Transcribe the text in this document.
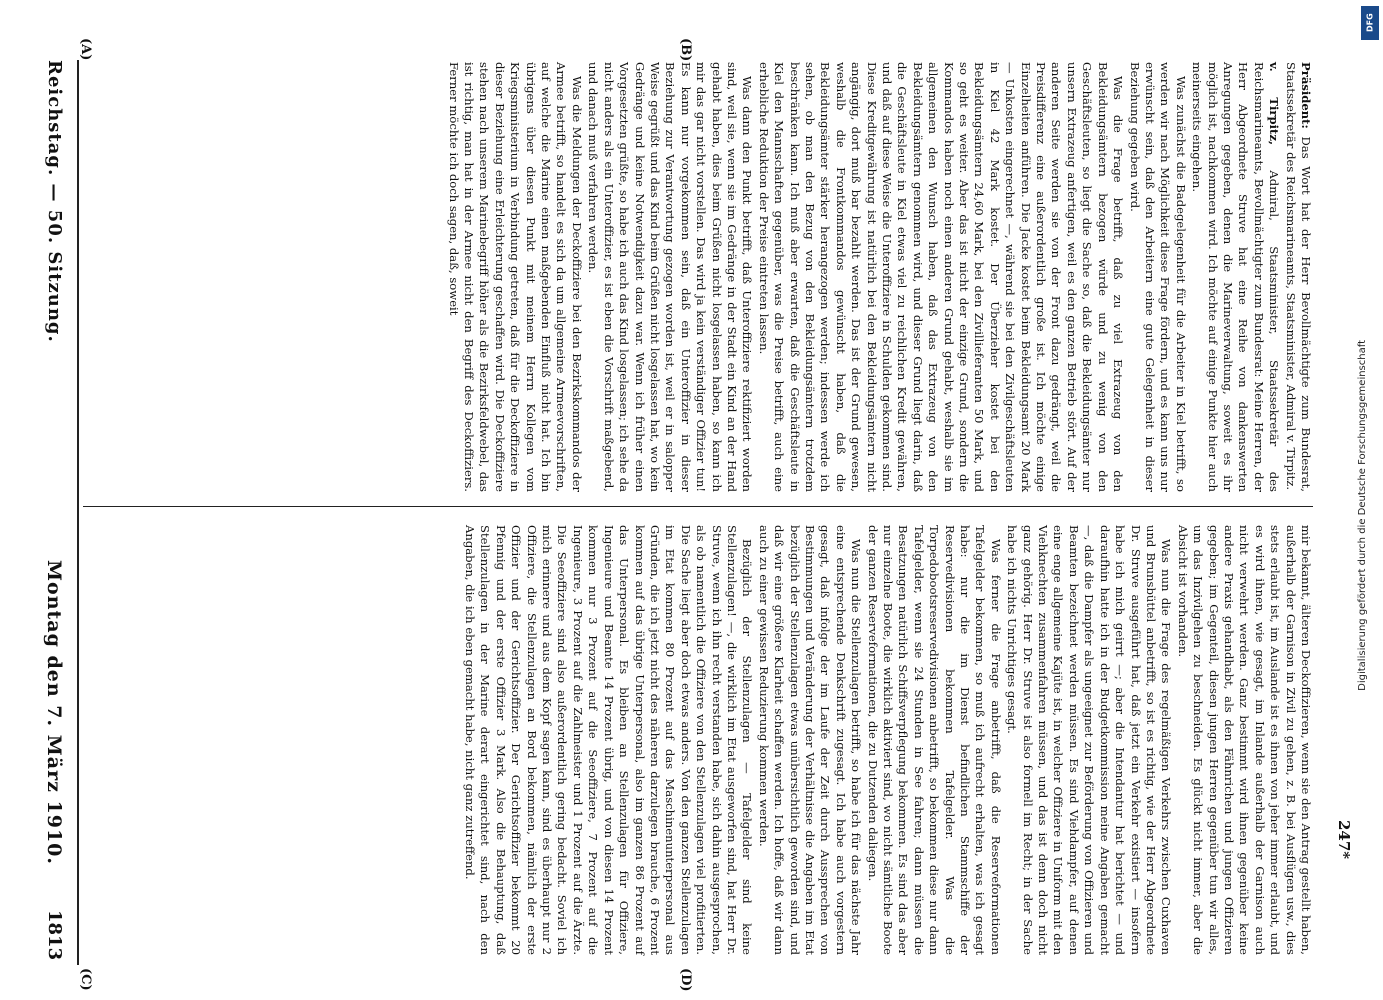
Reichstag. — 50. Sitzung.
Montag den 7. März 1910.
1813
(A)	(B)
(C)	(D)

Präsident: Das Wort hat der Herr Bevollmächtigte zum Bundesrat, Staatssekretär des Reichsmarineamts, Staatsminister, Admiral v. Tirpitz.

v. Tirpitz, Admiral, Staatsminister, Staatssekretär des Reichsmarineamts, Bevollmächtigter zum Bundesrat: Meine Herren, der Herr Abgeordnete Struve hat eine Reihe von dankenswerten Anregungen gegeben, denen die Marineverwaltung, soweit es ihr möglich ist, nachkommen wird. Ich möchte auf einige Punkte hier auch meinerseits eingehen.

Was zunächst die Badegelegenheit für die Arbeiter in Kiel betrifft, so werden wir nach Möglichkeit diese Frage fördern, und es kann uns nur erwünscht sein, daß den Arbeitern eine gute Gelegenheit in dieser Beziehung gegeben wird.

Was die Frage betrifft, daß zu viel Extrazeug von den Bekleidungsämtern bezogen würde und zu wenig von den Geschäftsleuten, so liegt die Sache so, daß die Bekleidungsämter nur unsern Extrazeug anfertigen, weil es den ganzen Betrieb stört. Auf der anderen Seite werden sie von der Front dazu gedrängt, weil die Preisdifferenz eine außerordentlich große ist. Ich möchte einige Einzelheiten anführen. Die Jacke kostet beim Bekleidungsamt 20 Mark — Unkosten eingerechnet —, während sie bei den Zivilgeschäftsleuten in Kiel 42 Mark kostet. Der Überzieher kostet bei den Bekleidungsämtern 24,60 Mark, bei den Zivillieferanten 50 Mark, und so geht es weiter. Aber das ist nicht der einzige Grund, sondern die Kommandos haben noch einen anderen Grund gehabt, weshalb sie im allgemeinen den Wunsch haben, daß das Extrazeug von den Bekleidungsämtern genommen wird, und dieser Grund liegt darin, daß die Geschäftsleute in Kiel etwas viel zu reichlichen Kredit gewähren, und daß auf diese Weise die Unteroffiziere in Schulden gekommen sind. Diese Kreditgewährung ist natürlich bei den Bekleidungsämtern nicht angängig, dort muß bar bezahlt werden. Das ist der Grund gewesen, weshalb die Frontkommandos gewünscht haben, daß die Bekleidungsämter stärker herangezogen werden; indessen werde ich sehen, ob man den Bezug von den Bekleidungsämtern trotzdem beschränken kann. Ich muß aber erwarten, daß die Geschäftsleute in Kiel den Mannschaften gegenüber, was die Preise betrifft, auch eine erhebliche Reduktion der Preise eintreten lassen.

Was dann den Punkt betrifft, daß Unteroffiziere rektifiziert worden sind, weil sie, wenn sie im Gedränge in der Stadt ein Kind an der Hand gehabt haben, dies beim Grüßen nicht losgelassen haben, so kann ich mir das gar nicht vorstellen. Das wird ja kein verständiger Offizier tun! Es kann nur vorgekommen sein, daß ein Unteroffizier in dieser Beziehung zur Verantwortung gezogen worden ist, weil er in salopper Weise gegrüßt und das Kind beim Grüßen nicht losgelassen hat, wo kein Gedränge und keine Notwendigkeit dazu war. Wenn ich früher einen Vorgesetzten grüßte, so habe ich auch das Kind losgelassen; ich sehe da nicht anders als ein Unteroffizier, es ist eben die Vorschrift maßgebend, und danach muß verfahren werden.

Was die Meldungen der Deckoffiziere bei den Bezirkskommandos der Armee betrifft, so handelt es sich da um allgemeine Armeevorschriften, auf welche die Marine einen maßgebenden Einfluß nicht hat. Ich bin übrigens über diesen Punkt mit meinem Herrn Kollegen vom Kriegsministerium in Verbindung getreten, daß für die Deckoffiziere in dieser Beziehung eine Erleichterung geschaffen wird. Die Deckoffiziere stehen nach unserem Marinebegriff höher als die Bezirksfeldwebel, das ist richtig, man hat in der Armee nicht den Begriff des Deckoffiziers. Ferner möchte ich doch sagen, daß, soweit

mir bekannt, älteren Deckoffizieren, wenn sie den Antrag gestellt haben, außerhalb der Garnison in Zivil zu gehen, z. B. bei Ausflügen usw., dies stets erlaubt ist, im Auslande ist es ihnen von jeher immer erlaubt, und es wird ihnen, wie gesagt, im Inlande außerhalb der Garnison auch nicht verwehrt werden. Ganz bestimmt wird ihnen gegenüber keine andere Praxis gehandhabt, als den Fähnrichen und jungen Offizieren gegeben; im Gegenteil, diesen jungen Herren gegenüber tun wir alles, um das Inzivilgehen zu beschneiden. Es glückt nicht immer, aber die Absicht ist vorhanden.

Was nun die Frage des regelmäßigen Verkehrs zwischen Cuxhaven und Brunsbüttel anbetrifft, so ist es richtig, wie der Herr Abgeordnete Dr. Struve ausgeführt hat, daß jetzt ein Verkehr existiert — insofern habe ich mich geirrt —; aber die Intendantur hat berichtet — und daraufhin hatte ich in der Budgetkommission meine Angaben gemacht —, daß die Dampfer als ungeeignet zur Beförderung von Offizieren und Beamten bezeichnet werden müssen. Es sind Viehdampfer, auf denen eine enge allgemeine Kajüte ist, in welcher Offiziere in Uniform mit den Viehknechten zusammenfahren müssen, und das ist denn doch nicht ganz gehörig. Herr Dr. Struve ist also formell im Recht; in der Sache habe ich nichts Unrichtiges gesagt.

Was ferner die Frage anbetrifft, daß die Reserveformationen Tafelgelder bekommen, so muß ich aufrecht erhalten, was ich gesagt habe: nur die im Dienst befindlichen Stammschiffe der Reservedivisionen bekommen Tafelgelder. Was die Torpedobootsreservedivisionen anbetrifft, so bekommen diese nur dann Tafelgelder, wenn sie 24 Stunden in See fahren; dann müssen die Besatzungen natürlich Schiffsverpflegung bekommen. Es sind das aber nur einzelne Boote, die wirklich aktiviert sind, wo nicht sämtliche Boote der ganzen Reserveformationen, die zu Dutzenden daliegen.

Was nun die Stellenzulagen betrifft, so habe ich für das nächste Jahr eine entsprechende Denkschrift zugesagt. Ich habe auch vorgestern gesagt, daß infolge der im Laufe der Zeit durch Aussprechen von Bestimmungen und Veränderung der Verhältnisse die Angaben im Etat bezüglich der Stellenzulagen etwas unübersichtlich geworden sind, und daß wir eine größere Klarheit schaffen werden. Ich hoffe, daß wir dann auch zu einer gewissen Reduzierung kommen werden.

Bezüglich der Stellenzulagen — Tafelgelder sind keine Stellenzulagen! —, die wirklich im Etat ausgeworfen sind, hat Herr Dr. Struve, wenn ich ihn recht verstanden habe, sich dahin ausgesprochen, als ob namentlich die Offiziere von den Stellenzulagen viel profitierten. Die Sache liegt aber doch etwas anders. Von den ganzen Stellenzulagen im Etat kommen 80 Prozent auf das Maschinenunterpersonal aus Gründen, die ich jetzt nicht des näheren darzulegen brauche, 6 Prozent kommen auf das übrige Unterpersonal, also im ganzen 86 Prozent auf das Unterpersonal. Es bleiben an Stellenzulagen für Offiziere, Ingenieure und Beamte 14 Prozent übrig, und von diesen 14 Prozent kommen nur 3 Prozent auf die Seeoffiziere, 7 Prozent auf die Ingenieure, 3 Prozent auf die Zahlmeister und 1 Prozent auf die Ärzte. Die Seeoffiziere sind also außerordentlich gering bedacht. Soviel ich mich erinnere und aus dem Kopf sagen kann, sind es überhaupt nur 2 Offiziere, die Stellenzulagen an Bord bekommen, nämlich der erste Offizier und der Gerichtsoffizier. Der Gerichtsoffizier bekommt 20 Pfennig und der erste Offizier 3 Mark. Also die Behauptung, daß Stellenzulagen in der Marine derart eingerichtet sind, nach den Angaben, die ich eben gemacht habe, nicht ganz zutreffend.	247*
Digitalisierung gefördert durch die Deutsche Forschungsgemeinschaft
DFG
